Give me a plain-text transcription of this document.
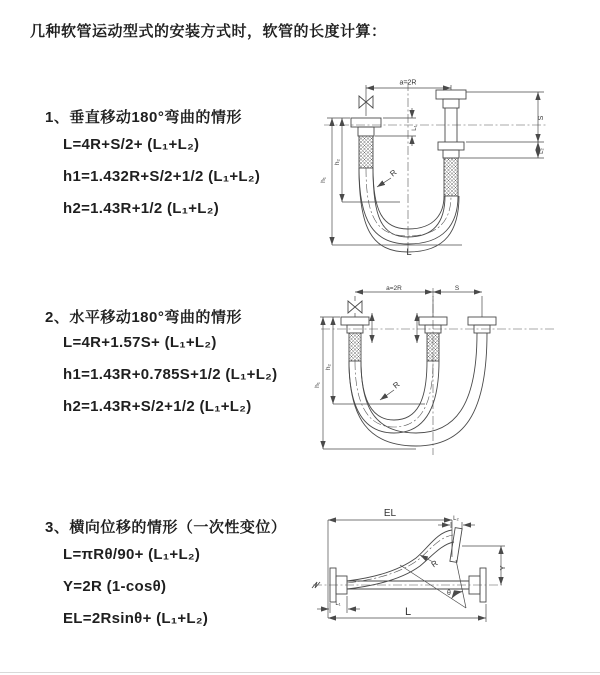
几种软管运动型式的安装方式时，软管的长度计算：
1、垂直移动180°弯曲的情形
L=4R+S/2+ (L₁+L₂)
h1=1.432R+S/2+1/2 (L₁+L₂)
h2=1.43R+1/2 (L₁+L₂)
2、水平移动180°弯曲的情形
L=4R+1.57S+ (L₁+L₂)
h1=1.43R+0.785S+1/2 (L₁+L₂)
h2=1.43R+S/2+1/2 (L₁+L₂)
3、横向位移的情形（一次性变位）
L=πRθ/90+ (L₁+L₂)
Y=2R (1-cosθ)
EL=2Rsinθ+ (L₁+L₂)
a=2R
S
L₂
L₁
h₁
h₂
R
L
a=2R	S
h₁
h₂
R
EL	L₂
Y
R
θ
L
L₁
